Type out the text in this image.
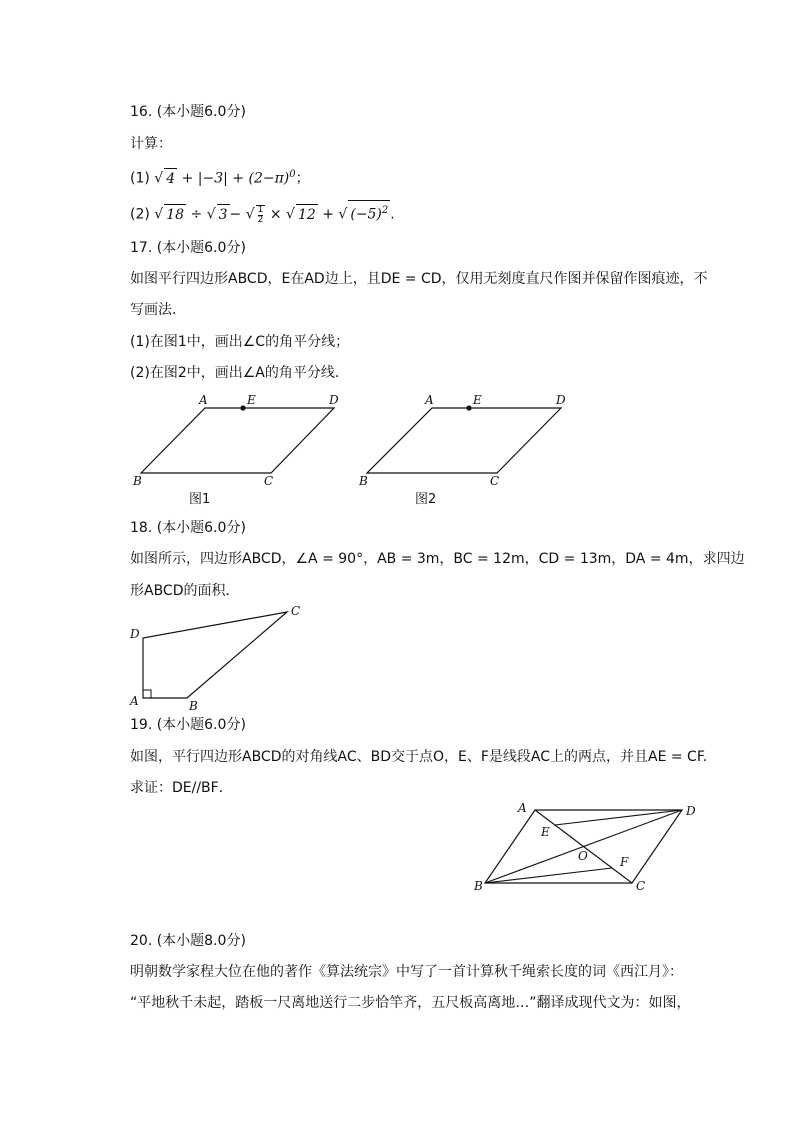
16. (本小题6.0分)
计算：
(1) √ $4 + |-3| + (2-\pi)^0$；
(2) √ 18 ÷ √ 3 − √ $\frac{1}{2}$ × √ 12 + √ $(-5)^2$ .
17. (本小题6.0分)
如图平行四边形ABCD，E在AD边上，且DE = CD，仅用无刻度直尺作图并保留作图痕迹，不
写画法．
(1)在图1中，画出∠C的角平分线；
(2)在图2中，画出∠A的角平分线．
A	E	D
B	C
图1
A	E	D
B	C
图2
D
C
A	B
A	D
E
O	F
B	C
18. (本小题6.0分)
如图所示，四边形ABCD，∠A = 90°，AB = 3m，BC = 12m，CD = 13m，DA = 4m，求四边
形ABCD的面积．
19. (本小题6.0分)
如图，平行四边形ABCD的对角线AC、BD交于点O，E、F是线段AC上的两点，并且AE = CF.
求证：DE//BF．
20. (本小题8.0分)
明朝数学家程大位在他的著作《算法统宗》中写了一首计算秋千绳索长度的词《西江月》：
“平地秋千未起，踏板一尺离地送行二步恰竿齐，五尺板高离地…”翻译成现代文为：如图，
